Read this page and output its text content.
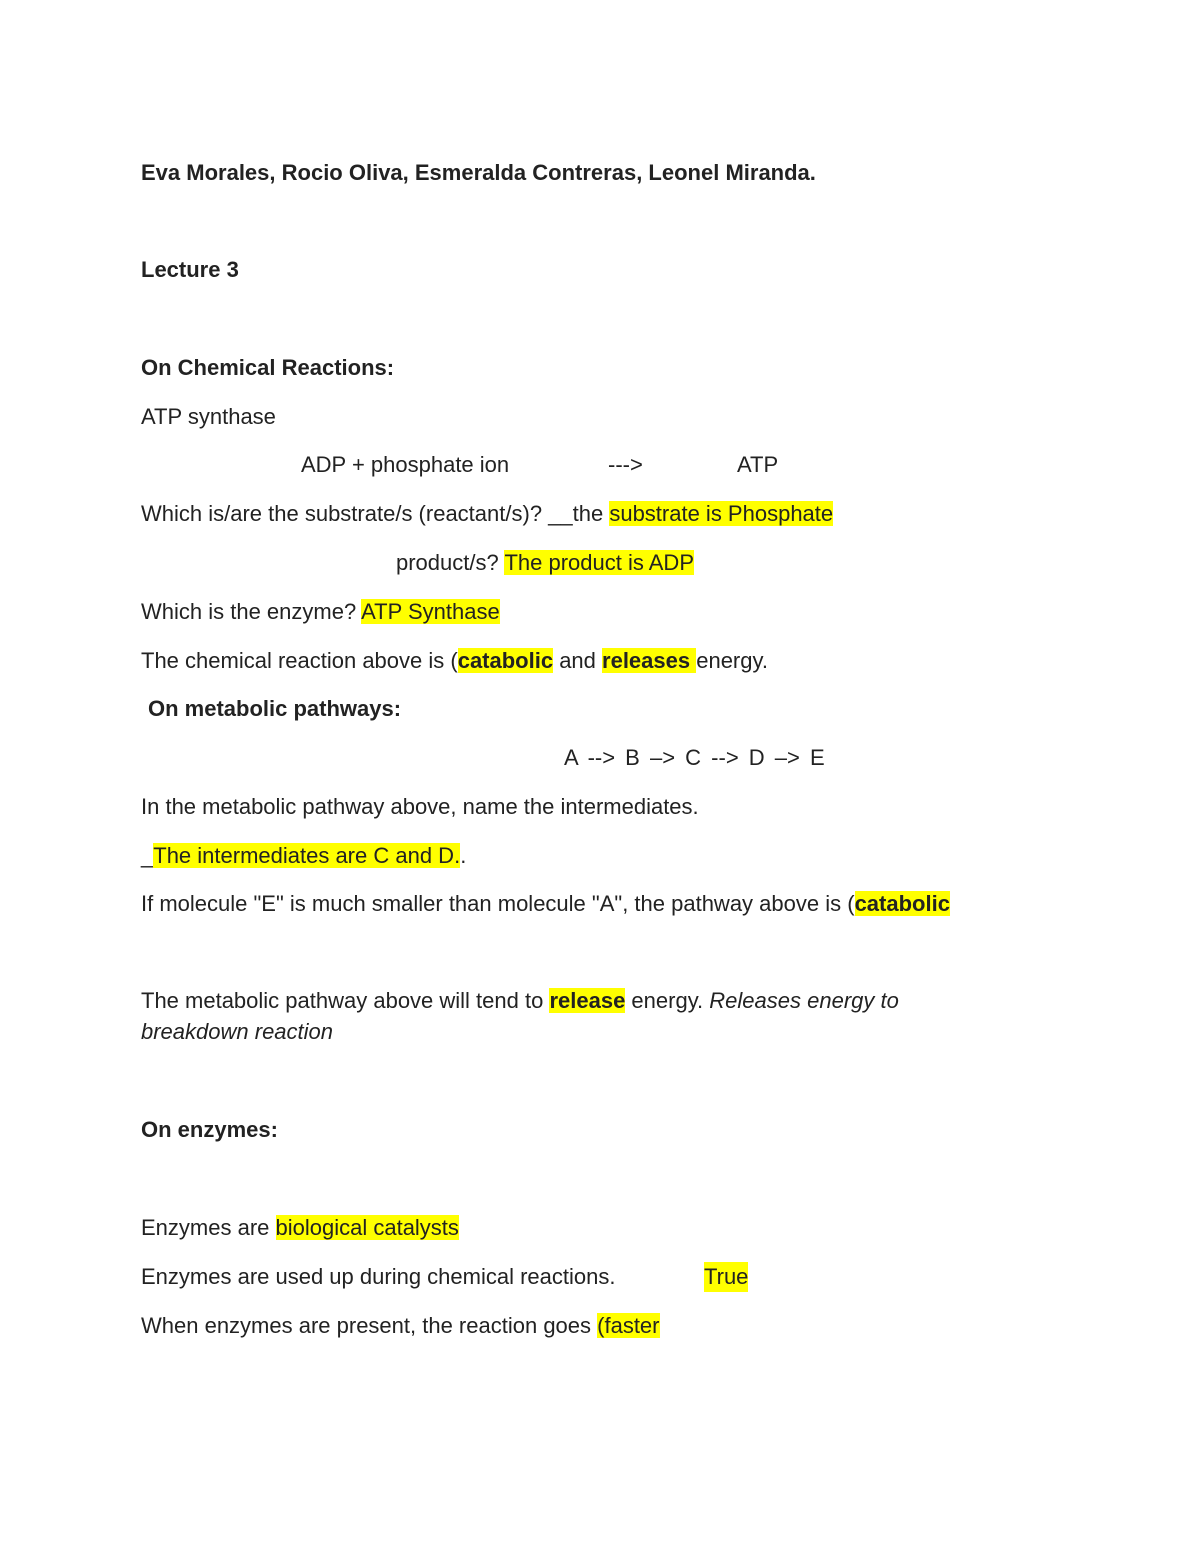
Eva Morales, Rocio Oliva, Esmeralda Contreras, Leonel Miranda.
Lecture 3
On Chemical Reactions:
ATP synthase
ADP + phosphate ion	--->	ATP
Which is/are the substrate/s (reactant/s)? __the substrate is Phosphate
product/s? The product is ADP
Which is the enzyme? ATP Synthase
The chemical reaction above is (catabolic and releases energy.
On metabolic pathways:
A --> B –> C --> D –> E
In the metabolic pathway above, name the intermediates.
_The intermediates are C and D..
If molecule "E" is much smaller than molecule "A", the pathway above is (catabolic
The metabolic pathway above will tend to release energy. Releases energy to
breakdown reaction
On enzymes:
Enzymes are biological catalysts
Enzymes are used up during chemical reactions.	True
When enzymes are present, the reaction goes (faster
